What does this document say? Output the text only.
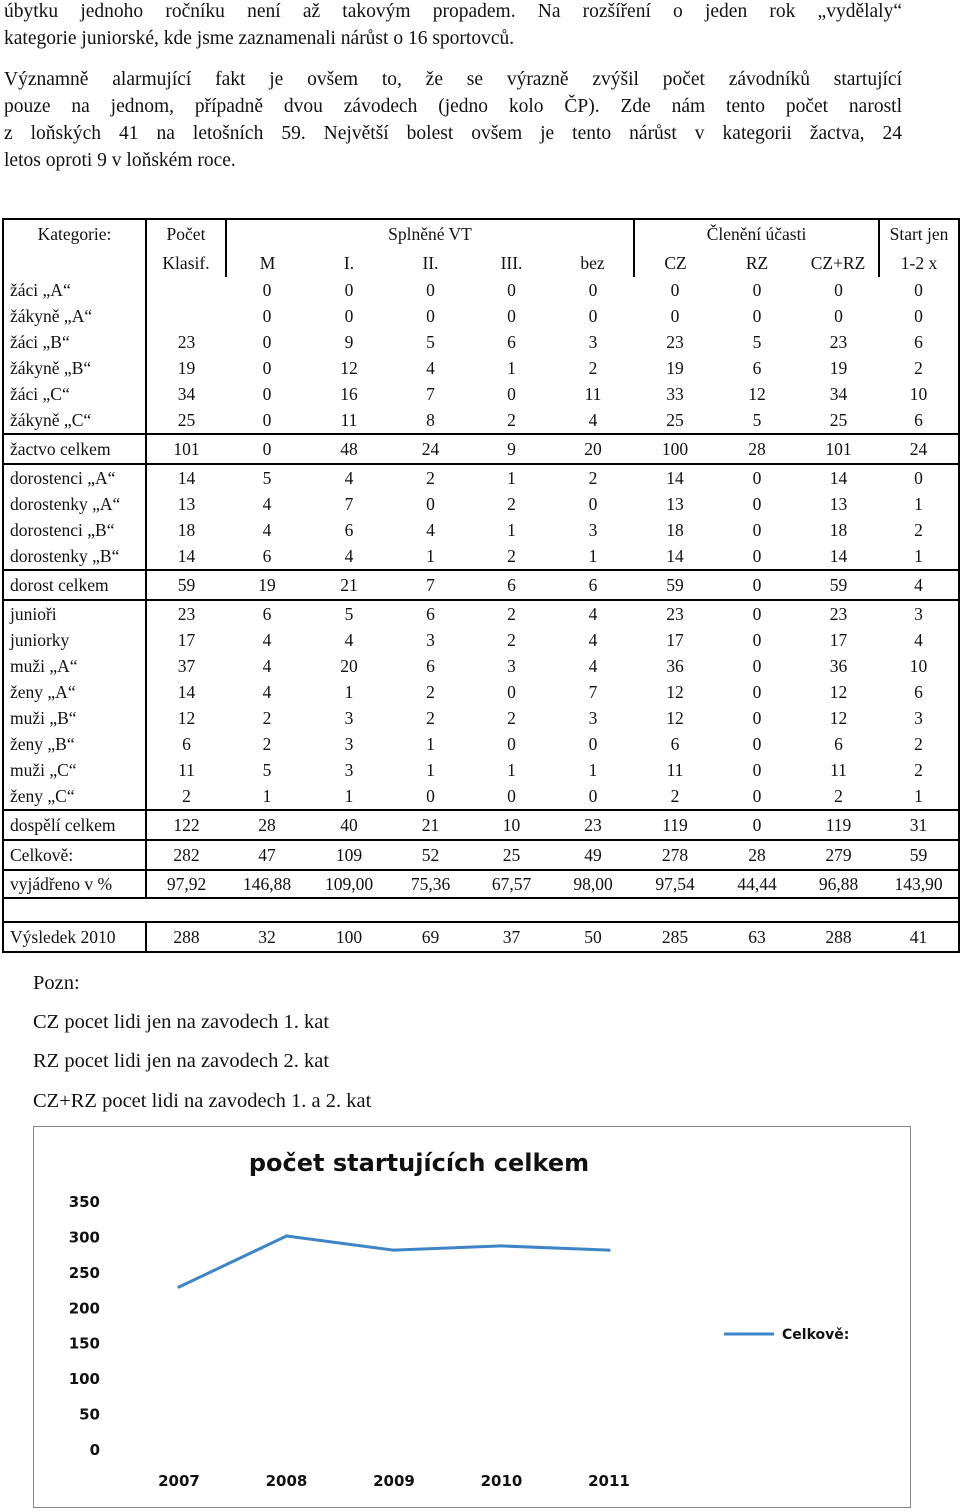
úbytku jednoho ročníku není až takovým propadem. Na rozšíření o jeden rok „vydělaly“
kategorie juniorské, kde jsme zaznamenali nárůst o 16 sportovců.

Významně alarmující fakt je ovšem to, že se výrazně zvýšil počet závodníků startující
pouze na jednom, případně dvou závodech (jedno kolo ČP). Zde nám tento počet narostl
z loňských 41 na letošních 59. Největší bolest ovšem je tento nárůst v kategorii žactva, 24
letos oproti 9 v loňském roce.

Kategorie:	Počet	Splněné VT					Členění účasti			Start jen
	Klasif.	M	I.	II.	III.	bez	CZ	RZ	CZ+RZ	1-2 x
žáci „A“		0	0	0	0	0	0	0	0	0
žákyně „A“		0	0	0	0	0	0	0	0	0
žáci „B“	23	0	9	5	6	3	23	5	23	6
žákyně „B“	19	0	12	4	1	2	19	6	19	2
žáci „C“	34	0	16	7	0	11	33	12	34	10
žákyně „C“	25	0	11	8	2	4	25	5	25	6
žactvo celkem	101	0	48	24	9	20	100	28	101	24
dorostenci „A“	14	5	4	2	1	2	14	0	14	0
dorostenky „A“	13	4	7	0	2	0	13	0	13	1
dorostenci „B“	18	4	6	4	1	3	18	0	18	2
dorostenky „B“	14	6	4	1	2	1	14	0	14	1
dorost celkem	59	19	21	7	6	6	59	0	59	4
junioři	23	6	5	6	2	4	23	0	23	3
juniorky	17	4	4	3	2	4	17	0	17	4
muži „A“	37	4	20	6	3	4	36	0	36	10
ženy „A“	14	4	1	2	0	7	12	0	12	6
muži „B“	12	2	3	2	2	3	12	0	12	3
ženy „B“	6	2	3	1	0	0	6	0	6	2
muži „C“	11	5	3	1	1	1	11	0	11	2
ženy „C“	2	1	1	0	0	0	2	0	2	1
dospělí celkem	122	28	40	21	10	23	119	0	119	31
Celkově:	282	47	109	52	25	49	278	28	279	59
vyjádřeno v %	97,92	146,88	109,00	75,36	67,57	98,00	97,54	44,44	96,88	143,90

Výsledek 2010	288	32	100	69	37	50	285	63	288	41

Pozn:

CZ pocet lidi jen na zavodech 1. kat

RZ pocet lidi jen na zavodech 2. kat

CZ+RZ pocet lidi na zavodech 1. a 2. kat

počet startujících celkem
0
50
100
150
200
250
300
350
2007	2008	2009	2010	2011
Celkově:
